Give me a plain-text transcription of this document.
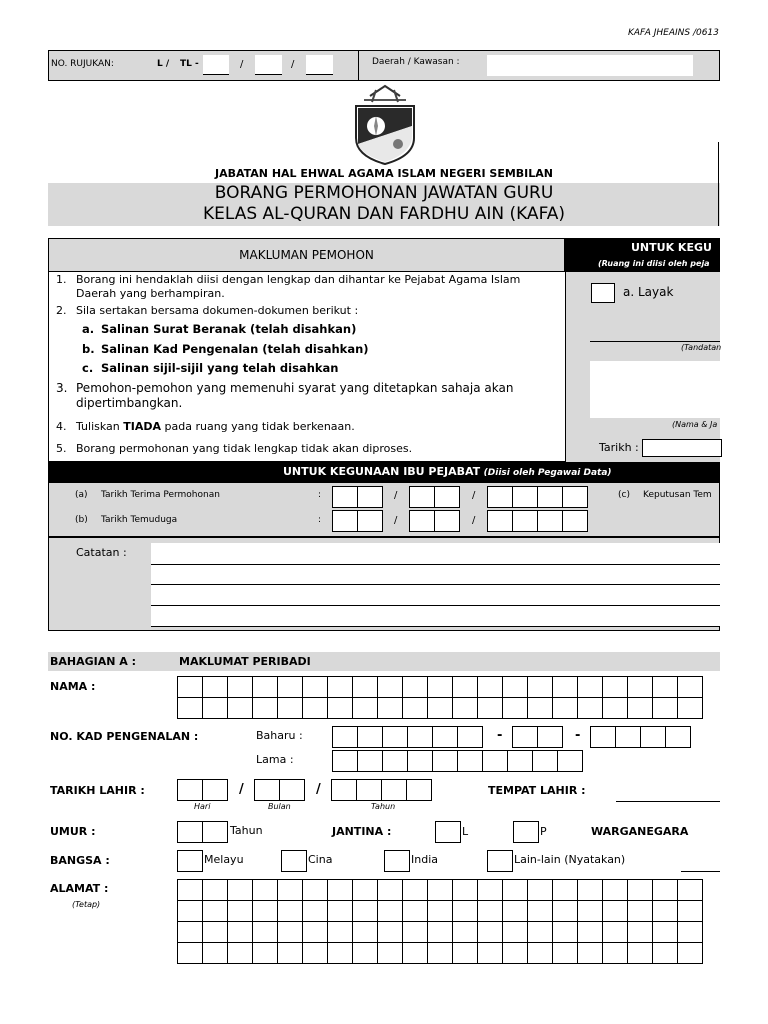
KAFA JHEAINS /0613
NO. RUJUKAN:	L / TL -	/	/	Daerah / Kawasan :
JABATAN HAL EHWAL AGAMA ISLAM NEGERI SEMBILAN
BORANG PERMOHONAN JAWATAN GURU
KELAS AL-QURAN DAN FARDHU AIN (KAFA)
MAKLUMAN PEMOHON
UNTUK KEGU
(Ruang ini diisi oleh peja
1. Borang ini hendaklah diisi dengan lengkap dan dihantar ke Pejabat Agama Islam
Daerah yang berhampiran.
2. Sila sertakan bersama dokumen-dokumen berikut :
a. Salinan Surat Beranak (telah disahkan)
b. Salinan Kad Pengenalan (telah disahkan)
c. Salinan sijil-sijil yang telah disahkan
3. Pemohon-pemohon yang memenuhi syarat yang ditetapkan sahaja akan
dipertimbangkan.
4. Tuliskan TIADA pada ruang yang tidak berkenaan.
5. Borang permohonan yang tidak lengkap tidak akan diproses.
a. Layak
(Tandatan
(Nama & Ja
Tarikh :
UNTUK KEGUNAAN IBU PEJABAT (Diisi oleh Pegawai Data)
(a) Tarikh Terima Permohonan	:	/	/	(c) Keputusan Tem
(b) Tarikh Temuduga	:	/	/
Catatan :
BAHAGIAN A :	MAKLUMAT PERIBADI
NAMA :
NO. KAD PENGENALAN :	Baharu :	-	-
Lama :
TARIKH LAHIR :	/	/
Hari	Bulan	Tahun
TEMPAT LAHIR :
UMUR :	Tahun	JANTINA :	L	P	WARGANEGARA
BANGSA :	Melayu	Cina	India	Lain-lain (Nyatakan)
ALAMAT :
(Tetap)
